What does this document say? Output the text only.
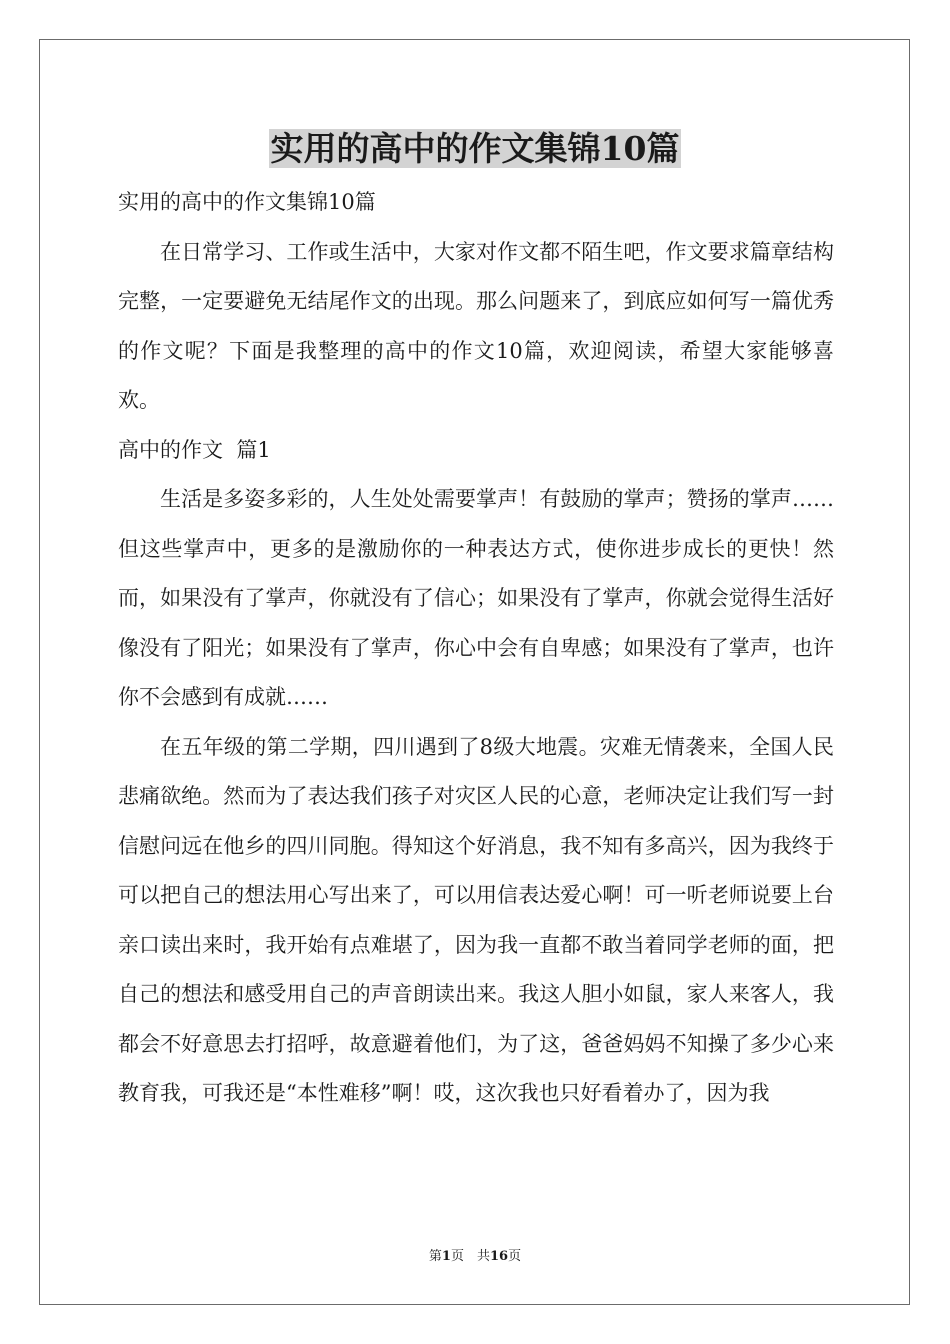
实用的高中的作文集锦10篇

实用的高中的作文集锦10篇

在日常学习、工作或生活中，大家对作文都不陌生吧，作文要求篇章结构完整，一定要避免无结尾作文的出现。那么问题来了，到底应如何写一篇优秀的作文呢？下面是我整理的高中的作文10篇，欢迎阅读，希望大家能够喜欢。

高中的作文  篇1

生活是多姿多彩的，人生处处需要掌声！有鼓励的掌声；赞扬的掌声……但这些掌声中，更多的是激励你的一种表达方式，使你进步成长的更快！然而，如果没有了掌声，你就没有了信心；如果没有了掌声，你就会觉得生活好像没有了阳光；如果没有了掌声，你心中会有自卑感；如果没有了掌声，也许你不会感到有成就……

在五年级的第二学期，四川遇到了8级大地震。灾难无情袭来，全国人民悲痛欲绝。然而为了表达我们孩子对灾区人民的心意，老师决定让我们写一封信慰问远在他乡的四川同胞。得知这个好消息，我不知有多高兴，因为我终于可以把自己的想法用心写出来了，可以用信表达爱心啊！可一听老师说要上台亲口读出来时，我开始有点难堪了，因为我一直都不敢当着同学老师的面，把自己的想法和感受用自己的声音朗读出来。我这人胆小如鼠，家人来客人，我都会不好意思去打招呼，故意避着他们，为了这，爸爸妈妈不知操了多少心来教育我，可我还是“本性难移”啊！哎，这次我也只好看着办了，因为我

第1页　共16页
